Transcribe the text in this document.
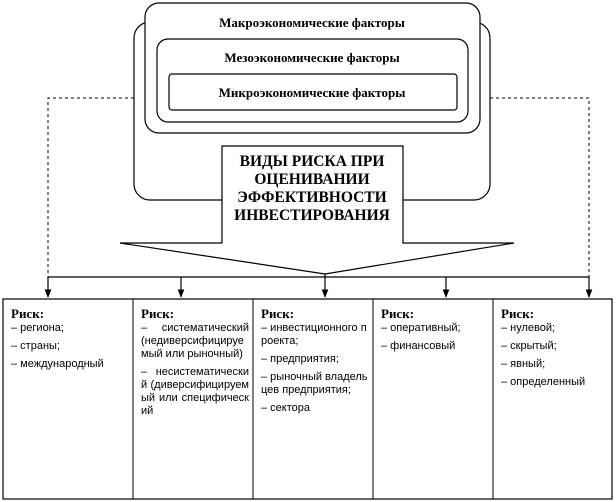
Макроэкономические факторы
Мезоэкономические факторы
Микроэкономические факторы
ВИДЫ РИСКА ПРИ
ОЦЕНИВАНИИ
ЭФФЕКТИВНОСТИ
ИНВЕСТИРОВАНИЯ
Риск:
– региона;
– страны;
– международный
Риск:
– систематический (недиверсифицируемый или рыночный)
– несистематический (диверсифицируемый или специфический
Риск:
– инвестиционного проекта;
– предприятия;
– рыночный владельцев предприятия;
– сектора
Риск:
– оперативный;
– финансовый
Риск:
– нулевой;
– скрытый;
– явный;
– определенный
